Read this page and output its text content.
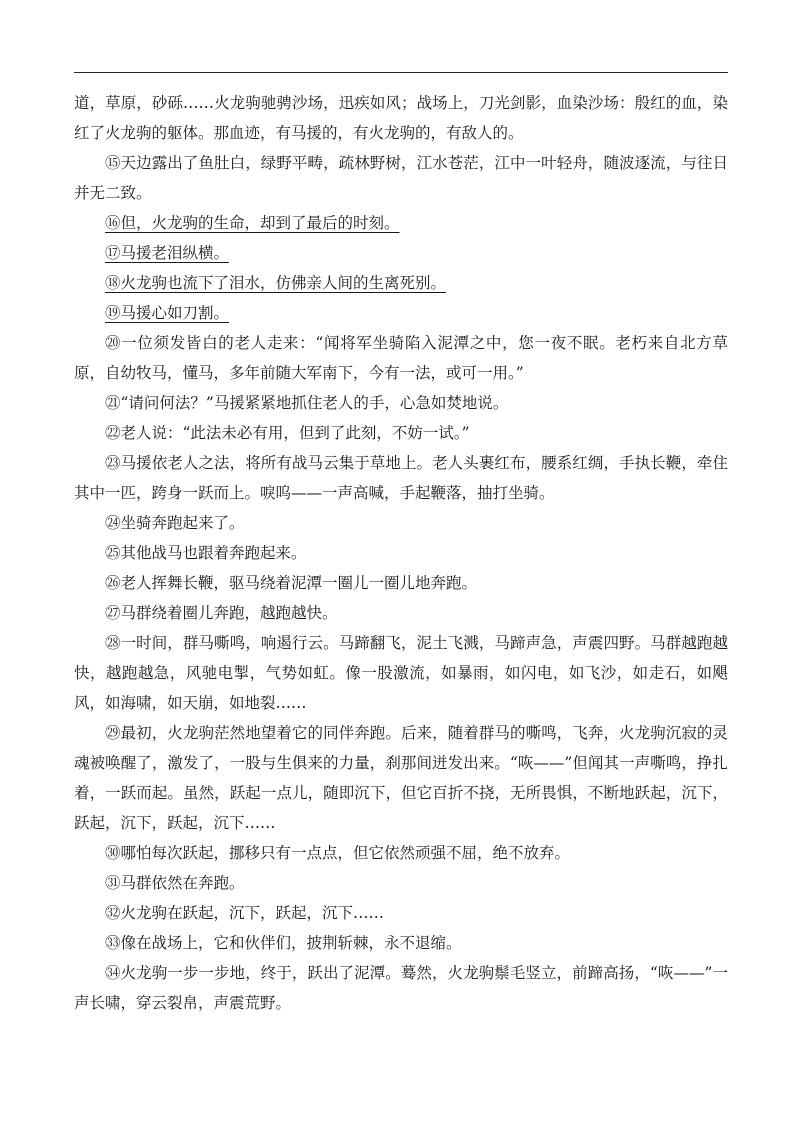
道，草原，砂砾……火龙驹驰骋沙场，迅疾如风；战场上，刀光剑影，血染沙场：殷红的血，染红了火龙驹的躯体。那血迹，有马援的，有火龙驹的，有敌人的。

⑮天边露出了鱼肚白，绿野平畴，疏林野树，江水苍茫，江中一叶轻舟，随波逐流，与往日并无二致。

⑯但，火龙驹的生命，却到了最后的时刻。

⑰马援老泪纵横。

⑱火龙驹也流下了泪水，仿佛亲人间的生离死别。

⑲马援心如刀割。

⑳一位须发皆白的老人走来：“闻将军坐骑陷入泥潭之中，您一夜不眠。老朽来自北方草原，自幼牧马，懂马，多年前随大军南下，今有一法，或可一用。”

㉑“请问何法？”马援紧紧地抓住老人的手，心急如焚地说。

㉒老人说：“此法未必有用，但到了此刻，不妨一试。”

㉓马援依老人之法，将所有战马云集于草地上。老人头裹红布，腰系红绸，手执长鞭，牵住其中一匹，跨身一跃而上。唳呜——一声高喊，手起鞭落，抽打坐骑。

㉔坐骑奔跑起来了。

㉕其他战马也跟着奔跑起来。

㉖老人挥舞长鞭，驱马绕着泥潭一圈儿一圈儿地奔跑。

㉗马群绕着圈儿奔跑，越跑越快。

㉘一时间，群马嘶鸣，响遏行云。马蹄翻飞，泥土飞溅，马蹄声急，声震四野。马群越跑越快，越跑越急，风驰电掣，气势如虹。像一股激流，如暴雨，如闪电，如飞沙，如走石，如飓风，如海啸，如天崩，如地裂……

㉙最初，火龙驹茫然地望着它的同伴奔跑。后来，随着群马的嘶鸣，飞奔，火龙驹沉寂的灵魂被唤醒了，激发了，一股与生俱来的力量，刹那间迸发出来。“咴——”但闻其一声嘶鸣，挣扎着，一跃而起。虽然，跃起一点儿，随即沉下，但它百折不挠，无所畏惧，不断地跃起，沉下，跃起，沉下，跃起，沉下……

㉚哪怕每次跃起，挪移只有一点点，但它依然顽强不屈，绝不放弃。

㉛马群依然在奔跑。

㉜火龙驹在跃起，沉下，跃起，沉下……

㉝像在战场上，它和伙伴们，披荆斩棘，永不退缩。

㉞火龙驹一步一步地，终于，跃出了泥潭。蓦然，火龙驹鬃毛竖立，前蹄高扬，“咴——”一声长啸，穿云裂帛，声震荒野。
